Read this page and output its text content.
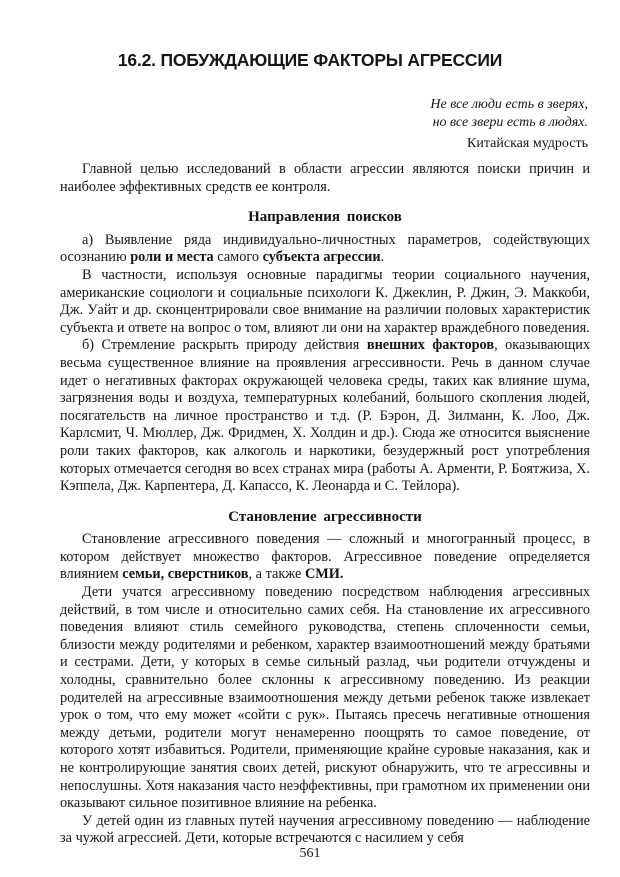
16.2. ПОБУЖДАЮЩИЕ ФАКТОРЫ АГРЕССИИ

Не все люди есть в зверях,

но все звери есть в людях.

Китайская мудрость

Главной целью исследований в области агрессии являются поиски причин и наиболее эффективных средств ее контроля.

Направления поисков

а) Выявление ряда индивидуально-личностных параметров, содействующих осознанию роли и места самого субъекта агрессии.

В частности, используя основные парадигмы теории социального научения, американские социологи и социальные психологи К. Джеклин, Р. Джин, Э. Маккоби, Дж. Уайт и др. сконцентрировали свое внимание на различии половых характеристик субъекта и ответе на вопрос о том, влияют ли они на характер враждебного поведения.

б) Стремление раскрыть природу действия внешних факторов, оказывающих весьма существенное влияние на проявления агрессивности. Речь в данном случае идет о негативных факторах окружающей человека среды, таких как влияние шума, загрязнения воды и воздуха, температурных колебаний, большого скопления людей, посягательств на личное пространство и т.д. (Р. Бэрон, Д. Зилманн, К. Лоо, Дж. Карлсмит, Ч. Мюллер, Дж. Фридмен, Х. Холдин и др.). Сюда же относится выяснение роли таких факторов, как алкоголь и наркотики, безудержный рост употребления которых отмечается сегодня во всех странах мира (работы А. Арменти, Р. Боятжиза, Х. Кэппела, Дж. Карпентера, Д. Капассо, К. Леонарда и С. Тейлора).

Становление агрессивности

Становление агрессивного поведения — сложный и многогранный процесс, в котором действует множество факторов. Агрессивное поведение определяется влиянием семьи, сверстников, а также СМИ.

Дети учатся агрессивному поведению посредством наблюдения агрессивных действий, в том числе и относительно самих себя. На становление их агрессивного поведения влияют стиль семейного руководства, степень сплоченности семьи, близости между родителями и ребенком, характер взаимоотношений между братьями и сестрами. Дети, у которых в семье сильный разлад, чьи родители отчуждены и холодны, сравнительно более склонны к агрессивному поведению. Из реакции родителей на агрессивные взаимоотношения между детьми ребенок также извлекает урок о том, что ему может «сойти с рук». Пытаясь пресечь негативные отношения между детьми, родители могут ненамеренно поощрять то самое поведение, от которого хотят избавиться. Родители, применяющие крайне суровые наказания, как и не контролирующие занятия своих детей, рискуют обнаружить, что те агрессивны и непослушны. Хотя наказания часто неэффективны, при грамотном их применении они оказывают сильное позитивное влияние на ребенка.

У детей один из главных путей научения агрессивному поведению — наблюдение за чужой агрессией. Дети, которые встречаются с насилием у себя

561
